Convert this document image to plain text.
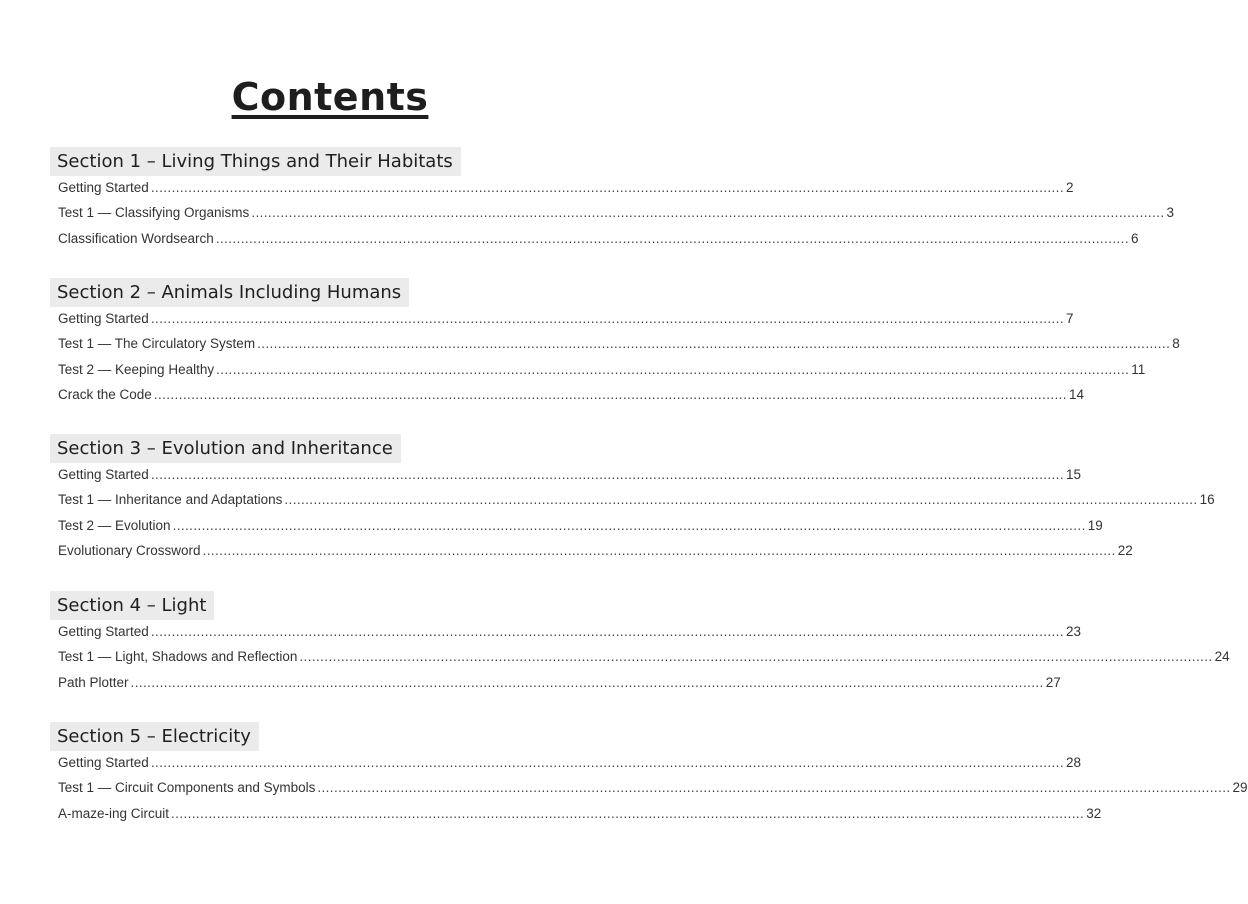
Contents
Section 1 – Living Things and Their Habitats
Getting Started ............................................................................................................................................................................................................................ 2
Test 1 — Classifying Organisms ............................................................................................................................................................................................................................ 3
Classification Wordsearch ............................................................................................................................................................................................................................ 6
Section 2 – Animals Including Humans
Getting Started ............................................................................................................................................................................................................................ 7
Test 1 — The Circulatory System ............................................................................................................................................................................................................................ 8
Test 2 — Keeping Healthy ............................................................................................................................................................................................................................ 11
Crack the Code ............................................................................................................................................................................................................................ 14
Section 3 – Evolution and Inheritance
Getting Started ............................................................................................................................................................................................................................ 15
Test 1 — Inheritance and Adaptations ............................................................................................................................................................................................................................ 16
Test 2 — Evolution ............................................................................................................................................................................................................................ 19
Evolutionary Crossword ............................................................................................................................................................................................................................ 22
Section 4 – Light
Getting Started ............................................................................................................................................................................................................................ 23
Test 1 — Light, Shadows and Reflection ............................................................................................................................................................................................................................ 24
Path Plotter ............................................................................................................................................................................................................................ 27
Section 5 – Electricity
Getting Started ............................................................................................................................................................................................................................ 28
Test 1 — Circuit Components and Symbols ............................................................................................................................................................................................................................ 29
A-maze-ing Circuit ............................................................................................................................................................................................................................ 32
